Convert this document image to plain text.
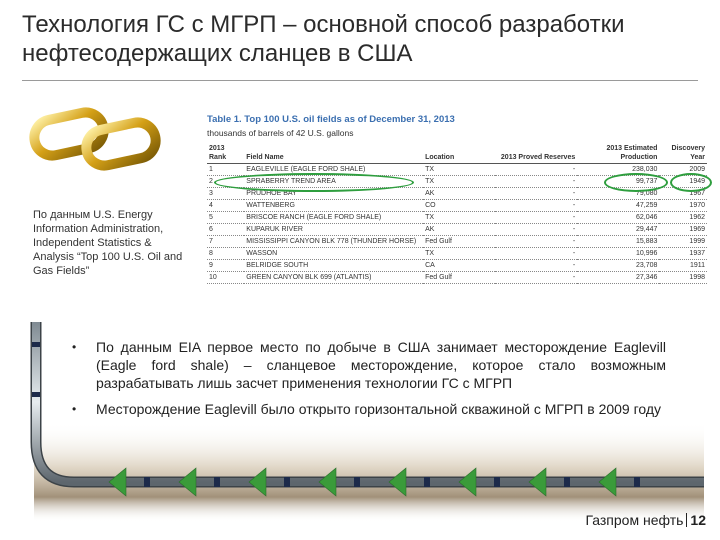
Технология ГС с МГРП – основной способ разработки нефтесодержащих сланцев в США
По данным U.S. Energy Information Administration, Independent Statistics & Analysis “Top 100 U.S. Oil and Gas Fields”
Table 1. Top 100 U.S. oil fields as of December 31, 2013
thousands of barrels of 42 U.S. gallons
2013 Rank	Field Name	Location	2013 Proved Reserves	2013 Estimated Production	Discovery Year
1	EAGLEVILLE (EAGLE FORD SHALE)	TX	-	238,030	2009
2	SPRABERRY TREND AREA	TX	-	99,737	1949
3	PRUDHOE BAY	AK	-	79,080	1967
4	WATTENBERG	CO	-	47,259	1970
5	BRISCOE RANCH (EAGLE FORD SHALE)	TX	-	62,046	1962
6	KUPARUK RIVER	AK	-	29,447	1969
7	MISSISSIPPI CANYON BLK 778 (THUNDER HORSE)	Fed Gulf	-	15,883	1999
8	WASSON	TX	-	10,996	1937
9	BELRIDGE SOUTH	CA	-	23,708	1911
10	GREEN CANYON BLK 699 (ATLANTIS)	Fed Gulf	-	27,346	1998
•	По данным EIA первое место по добыче в США занимает месторождение Eaglevill (Eagle ford shale) – сланцевое месторождение, которое стало возможным разрабатывать лишь засчет применения технологии ГС с МГРП
•	Месторождение Eaglevill было открыто горизонтальной скважиной с МГРП в 2009 году
Газпром нефть 12
